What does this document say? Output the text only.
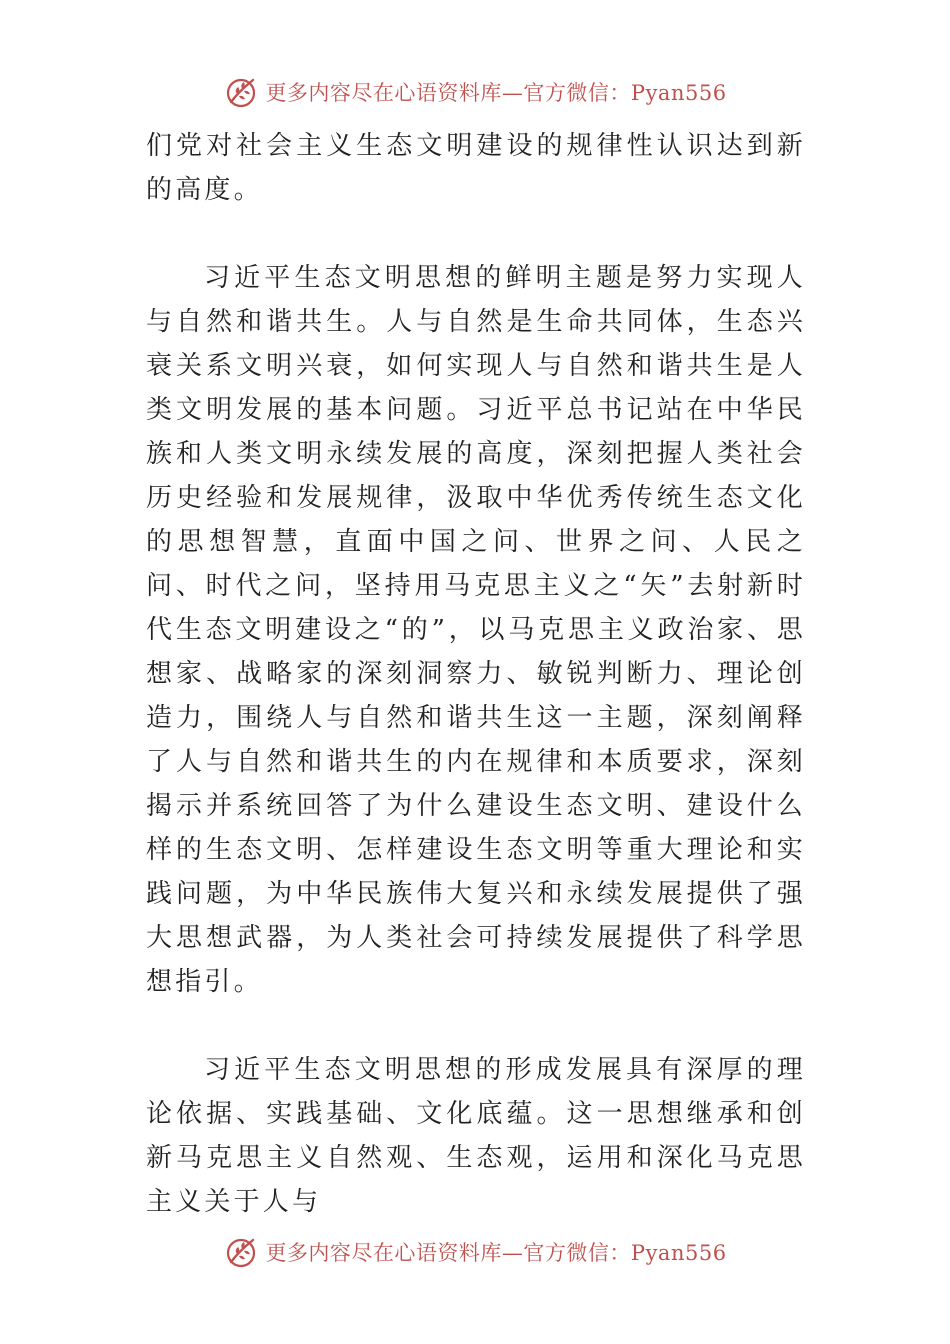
更多内容尽在心语资料库—官方微信：Pyan556

们党对社会主义生态文明建设的规律性认识达到新的高度。

习近平生态文明思想的鲜明主题是努力实现人与自然和谐共生。人与自然是生命共同体，生态兴衰关系文明兴衰，如何实现人与自然和谐共生是人类文明发展的基本问题。习近平总书记站在中华民族和人类文明永续发展的高度，深刻把握人类社会历史经验和发展规律，汲取中华优秀传统生态文化的思想智慧，直面中国之问、世界之问、人民之问、时代之问，坚持用马克思主义之“矢”去射新时代生态文明建设之“的”，以马克思主义政治家、思想家、战略家的深刻洞察力、敏锐判断力、理论创造力，围绕人与自然和谐共生这一主题，深刻阐释了人与自然和谐共生的内在规律和本质要求，深刻揭示并系统回答了为什么建设生态文明、建设什么样的生态文明、怎样建设生态文明等重大理论和实践问题，为中华民族伟大复兴和永续发展提供了强大思想武器，为人类社会可持续发展提供了科学思想指引。

习近平生态文明思想的形成发展具有深厚的理论依据、实践基础、文化底蕴。这一思想继承和创新马克思主义自然观、生态观，运用和深化马克思主义关于人与

更多内容尽在心语资料库—官方微信：Pyan556
